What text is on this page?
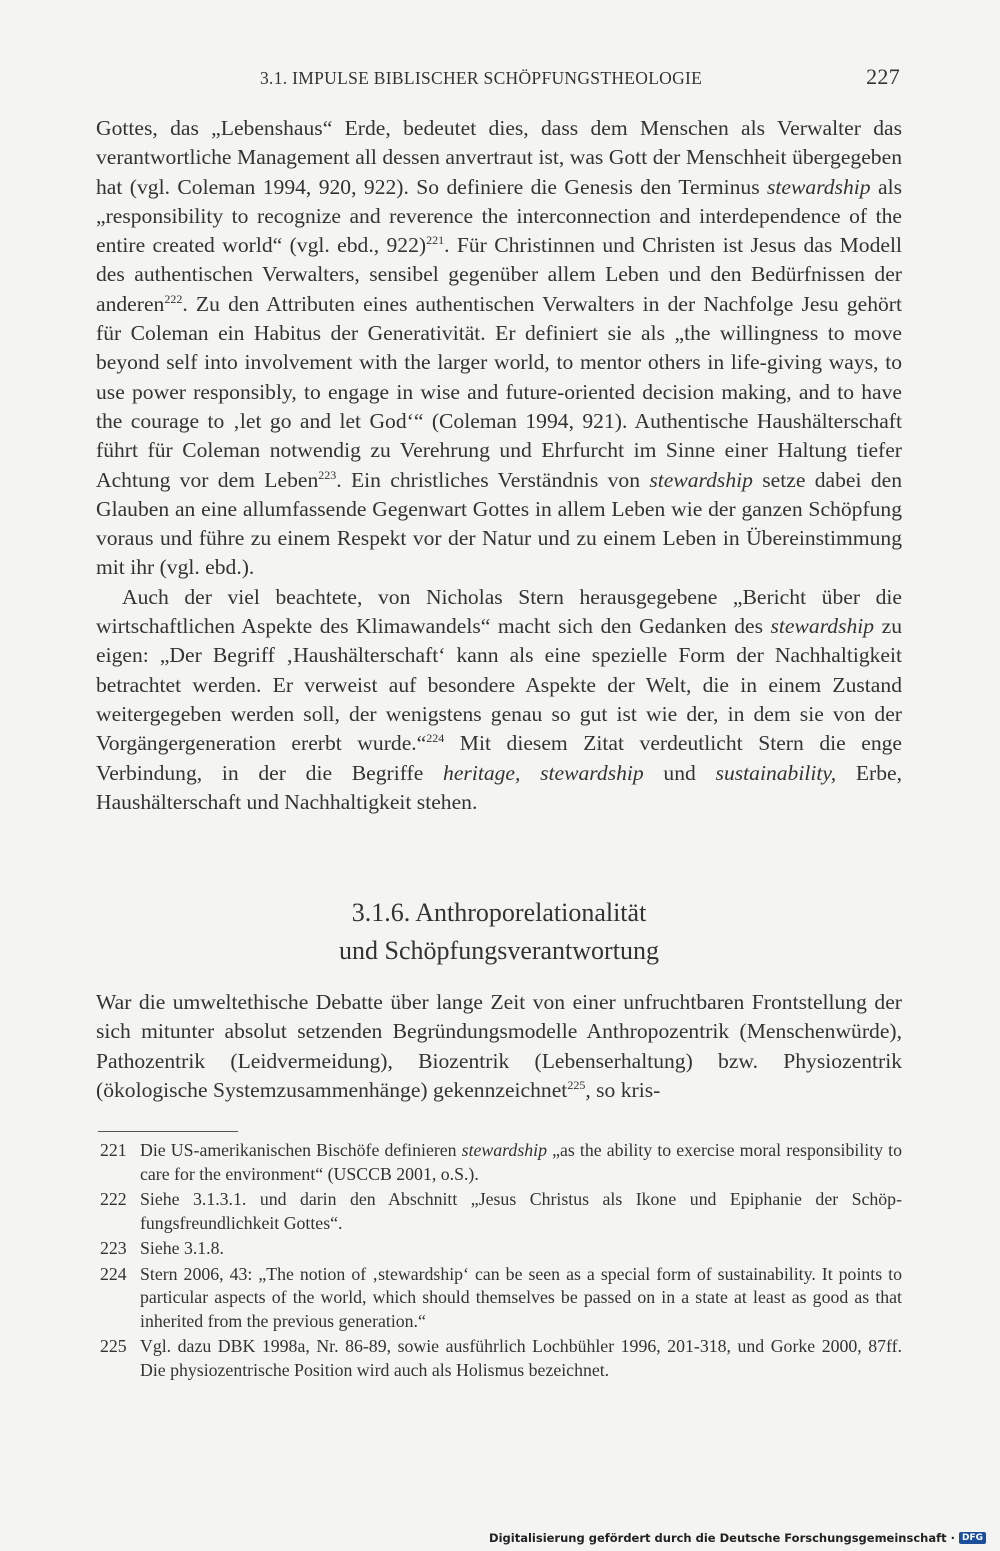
3.1. IMPULSE BIBLISCHER SCHÖPFUNGSTHEOLOGIE	227

Gottes, das „Lebenshaus“ Erde, bedeutet dies, dass dem Menschen als Verwalter das verantwortliche Management all dessen anvertraut ist, was Gott der Menschheit übergegeben hat (vgl. Coleman 1994, 920, 922). So definiere die Genesis den Terminus stewardship als „responsibility to recognize and reverence the interconnection and interdependence of the entire created world“ (vgl. ebd., 922)$^{221}$. Für Christinnen und Christen ist Jesus das Modell des authentischen Verwalters, sensibel gegenüber allem Leben und den Bedürfnissen der anderen$^{222}$. Zu den Attributen eines authentischen Verwalters in der Nachfolge Jesu gehört für Coleman ein Habitus der Generativität. Er definiert sie als „the willingness to move beyond self into involvement with the larger world, to mentor others in life-giving ways, to use power responsibly, to engage in wise and future-oriented decision making, and to have the courage to ‚let go and let God‘“ (Coleman 1994, 921). Authentische Haushälterschaft führt für Coleman notwendig zu Verehrung und Ehrfurcht im Sinne einer Haltung tiefer Achtung vor dem Leben$^{223}$. Ein christliches Verständnis von stewardship setze dabei den Glauben an eine allumfassende Gegenwart Gottes in allem Leben wie der ganzen Schöpfung voraus und führe zu einem Respekt vor der Natur und zu einem Leben in Übereinstimmung mit ihr (vgl. ebd.).

Auch der viel beachtete, von Nicholas Stern herausgegebene „Bericht über die wirtschaftlichen Aspekte des Klimawandels“ macht sich den Gedanken des stewardship zu eigen: „Der Begriff ‚Haushälterschaft‘ kann als eine spezielle Form der Nachhaltigkeit betrachtet werden. Er verweist auf besondere Aspekte der Welt, die in einem Zustand weitergegeben werden soll, der wenigstens genau so gut ist wie der, in dem sie von der Vorgängergeneration ererbt wurde.“$^{224}$ Mit diesem Zitat verdeutlicht Stern die enge Verbindung, in der die Begriffe heritage, stewardship und sustainability, Erbe, Haushälterschaft und Nachhaltigkeit stehen.

3.1.6. Anthroporelationalität
und Schöpfungsverantwortung

War die umweltethische Debatte über lange Zeit von einer unfruchtbaren Frontstellung der sich mitunter absolut setzenden Begründungsmodelle Anthropozentrik (Menschenwürde), Pathozentrik (Leidvermeidung), Biozentrik (Lebenserhaltung) bzw. Physiozentrik (ökologische Systemzusammenhänge) gekennzeichnet$^{225}$, so kris-

221 Die US-amerikanischen Bischöfe definieren stewardship „as the ability to exercise moral responsibility to care for the environment“ (USCCB 2001, o.S.).
222 Siehe 3.1.3.1. und darin den Abschnitt „Jesus Christus als Ikone und Epiphanie der Schöpfungsfreundlichkeit Gottes“.
223 Siehe 3.1.8.
224 Stern 2006, 43: „The notion of ‚stewardship‘ can be seen as a special form of sustainability. It points to particular aspects of the world, which should themselves be passed on in a state at least as good as that inherited from the previous generation.“
225 Vgl. dazu DBK 1998a, Nr. 86-89, sowie ausführlich Lochbühler 1996, 201-318, und Gorke 2000, 87ff. Die physiozentrische Position wird auch als Holismus bezeichnet.
Digitalisierung gefördert durch die Deutsche Forschungsgemeinschaft · DFG
